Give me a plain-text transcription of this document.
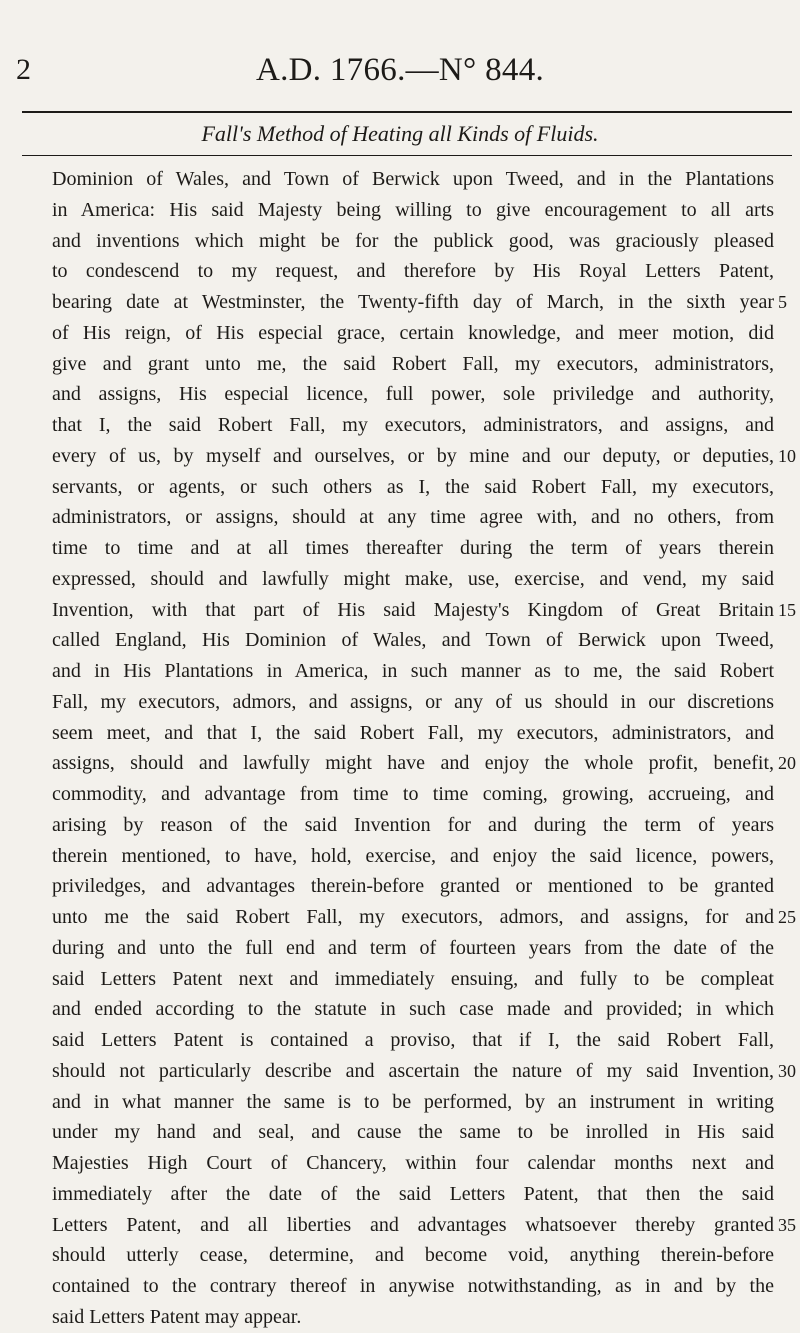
2	A.D. 1766.—N° 844.
Fall's Method of Heating all Kinds of Fluids.
Dominion of Wales, and Town of Berwick upon Tweed, and in the Plantations
in America: His said Majesty being willing to give encouragement to all arts
and inventions which might be for the publick good, was graciously pleased
to condescend to my request, and therefore by His Royal Letters Patent,
bearing date at Westminster, the Twenty-fifth day of March, in the sixth year
of His reign, of His especial grace, certain knowledge, and meer motion, did
give and grant unto me, the said Robert Fall, my executors, administrators,
and assigns, His especial licence, full power, sole priviledge and authority,
that I, the said Robert Fall, my executors, administrators, and assigns, and
every of us, by myself and ourselves, or by mine and our deputy, or deputies,
servants, or agents, or such others as I, the said Robert Fall, my executors,
administrators, or assigns, should at any time agree with, and no others, from
time to time and at all times thereafter during the term of years therein
expressed, should and lawfully might make, use, exercise, and vend, my said
Invention, with that part of His said Majesty's Kingdom of Great Britain
called England, His Dominion of Wales, and Town of Berwick upon Tweed,
and in His Plantations in America, in such manner as to me, the said Robert
Fall, my executors, admors, and assigns, or any of us should in our discretions
seem meet, and that I, the said Robert Fall, my executors, administrators, and
assigns, should and lawfully might have and enjoy the whole profit, benefit,
commodity, and advantage from time to time coming, growing, accrueing, and
arising by reason of the said Invention for and during the term of years
therein mentioned, to have, hold, exercise, and enjoy the said licence, powers,
priviledges, and advantages therein-before granted or mentioned to be granted
unto me the said Robert Fall, my executors, admors, and assigns, for and
during and unto the full end and term of fourteen years from the date of the
said Letters Patent next and immediately ensuing, and fully to be compleat
and ended according to the statute in such case made and provided; in which
said Letters Patent is contained a proviso, that if I, the said Robert Fall,
should not particularly describe and ascertain the nature of my said Invention,
and in what manner the same is to be performed, by an instrument in writing
under my hand and seal, and cause the same to be inrolled in His said
Majesties High Court of Chancery, within four calendar months next and
immediately after the date of the said Letters Patent, that then the said
Letters Patent, and all liberties and advantages whatsoever thereby granted
should utterly cease, determine, and become void, anything therein-before
contained to the contrary thereof in anywise notwithstanding, as in and by the
said Letters Patent may appear.
5
10
15
20
25
30
35
